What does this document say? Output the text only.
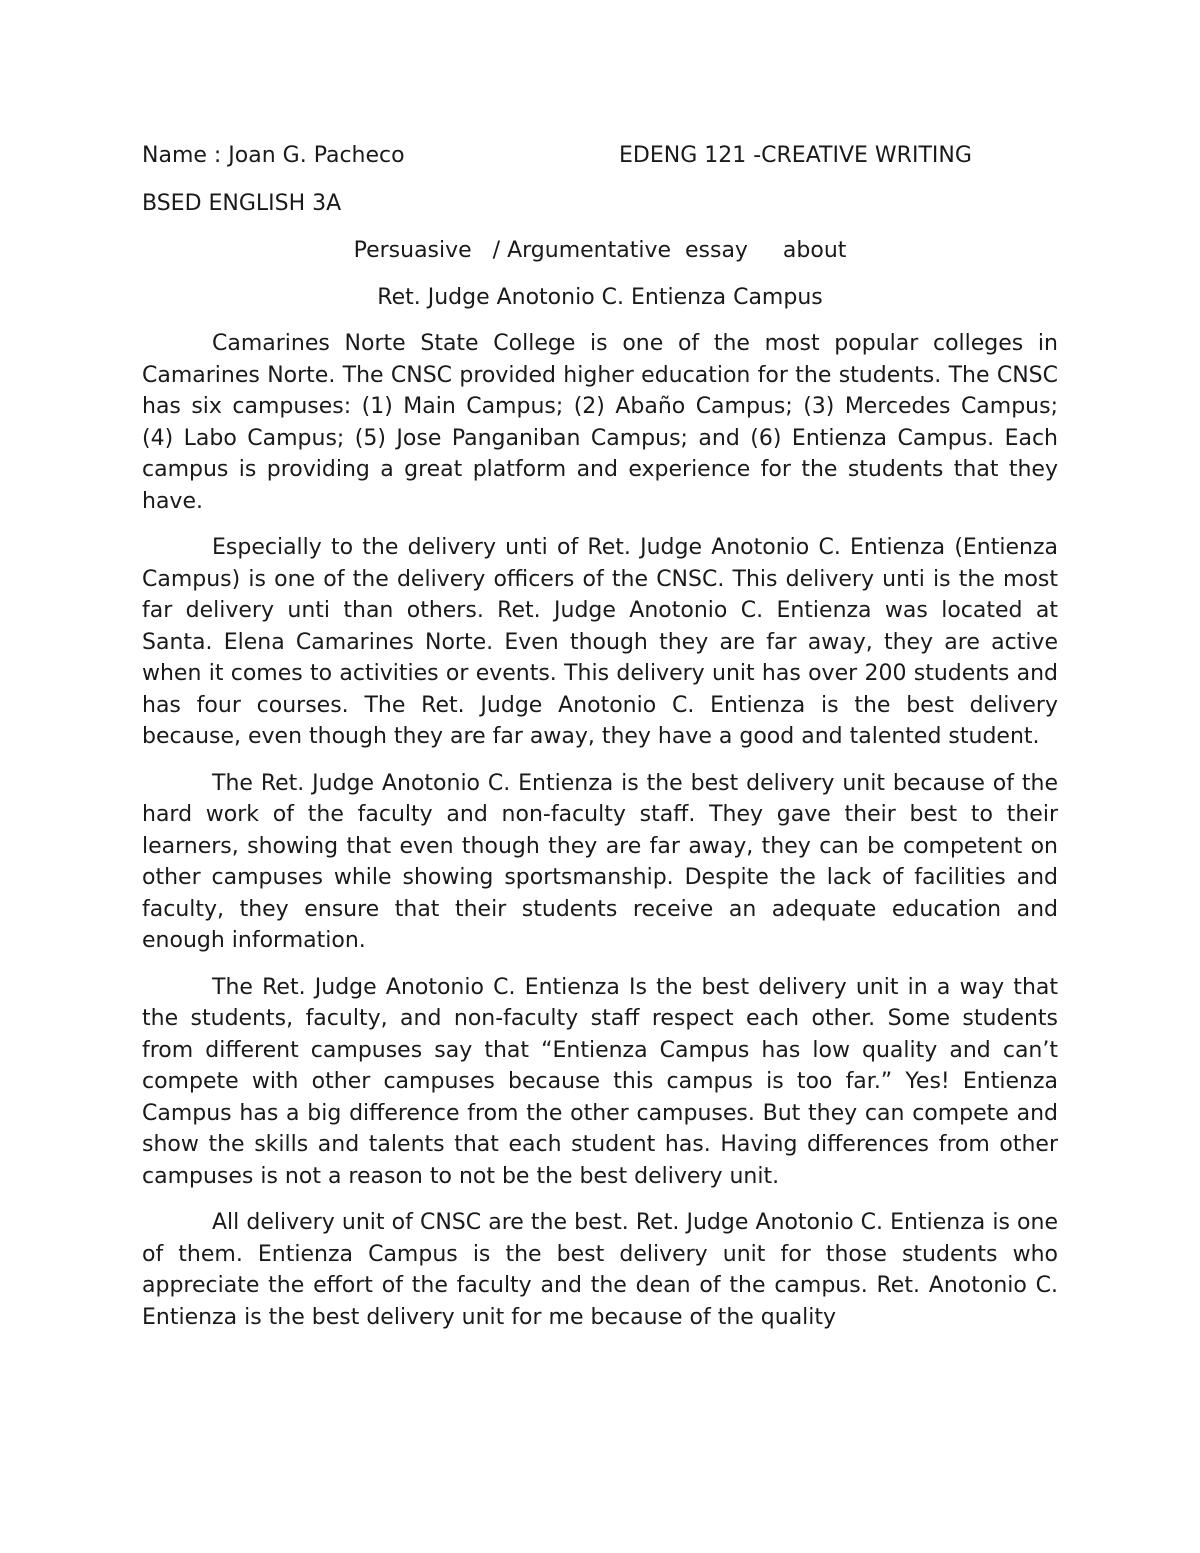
Name : Joan G. Pacheco	EDENG 121 -CREATIVE WRITING
BSED ENGLISH 3A
Persuasive   / Argumentative  essay     about
Ret. Judge Anotonio C. Entienza Campus

Camarines Norte State College is one of the most popular colleges in Camarines Norte. The CNSC provided higher education for the students. The CNSC has six campuses: (1) Main Campus; (2) Abaño Campus; (3) Mercedes Campus; (4) Labo Campus; (5) Jose Panganiban Campus; and (6) Entienza Campus. Each campus is providing a great platform and experience for the students that they have.

Especially to the delivery unti of Ret. Judge Anotonio C. Entienza (Entienza Campus) is one of the delivery officers of the CNSC. This delivery unti is the most far delivery unti than others. Ret. Judge Anotonio C. Entienza was located at Santa. Elena Camarines Norte. Even though they are far away, they are active when it comes to activities or events. This delivery unit has over 200 students and has four courses. The Ret. Judge Anotonio C. Entienza is the best delivery because, even though they are far away, they have a good and talented student.

The Ret. Judge Anotonio C. Entienza is the best delivery unit because of the hard work of the faculty and non-faculty staff. They gave their best to their learners, showing that even though they are far away, they can be competent on other campuses while showing sportsmanship. Despite the lack of facilities and faculty, they ensure that their students receive an adequate education and enough information.

The Ret. Judge Anotonio C. Entienza Is the best delivery unit in a way that the students, faculty, and non-faculty staff respect each other. Some students from different campuses say that “Entienza Campus has low quality and can’t compete with other campuses because this campus is too far.” Yes! Entienza Campus has a big difference from the other campuses. But they can compete and show the skills and talents that each student has. Having differences from other campuses is not a reason to not be the best delivery unit.

All delivery unit of CNSC are the best. Ret. Judge Anotonio C. Entienza is one of them. Entienza Campus is the best delivery unit for those students who appreciate the effort of the faculty and the dean of the campus. Ret. Anotonio C. Entienza is the best delivery unit for me because of the quality
